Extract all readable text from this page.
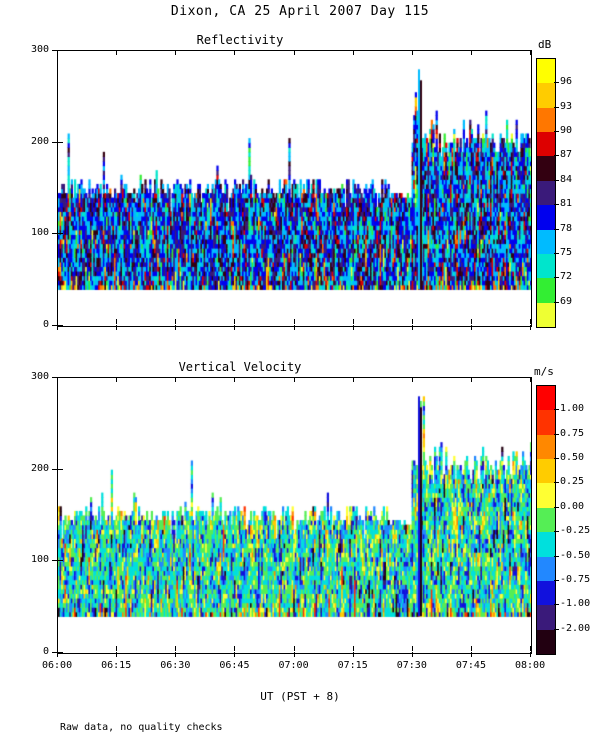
Dixon, CA 25 April 2007 Day 115
Reflectivity
Vertical Velocity
UT (PST + 8)
dB
m/s
Raw data, no quality checks
96
93
90
87
84
81
78
75
72
69
1.00
0.75
0.50
0.25
0.00
-0.25
-0.50
-0.75
-1.00
-2.00
0
100
200
300
0
100
200
300
06:00	06:15	06:30	06:45	07:00	07:15	07:30	07:45	08:00
